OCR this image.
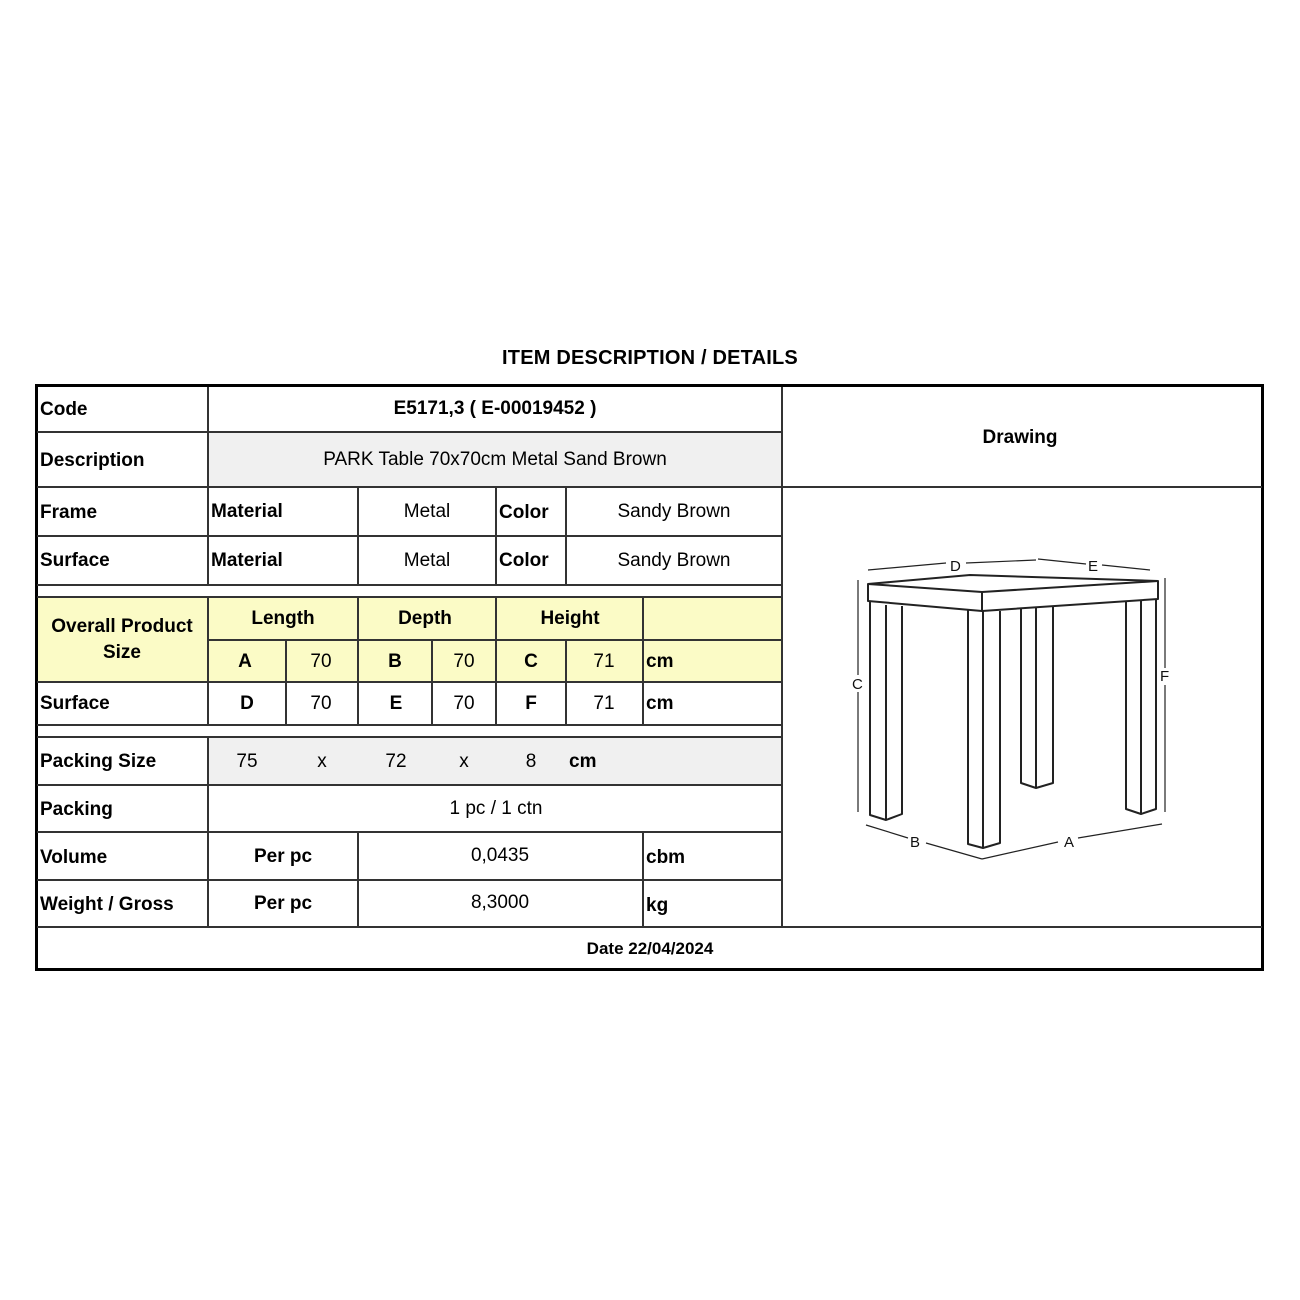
ITEM DESCRIPTION / DETAILS
Code	E5171,3 ( E-00019452 )
Description	PARK Table 70x70cm Metal Sand Brown
Drawing
Frame	Material	Metal	Color	Sandy Brown
Surface	Material	Metal	Color	Sandy Brown
Overall Product
Size
Length	Depth	Height
A	70	B	70	C	71 cm
Surface	D	70	E	70	F	71 cm
Packing Size	75	x	72	x	8 cm
Packing	1 pc / 1 ctn
Volume	Per pc	0,0435	cbm
Weight / Gross	Per pc	8,3000	kg
Date 22/04/2024
D	E
C	F
B	A
